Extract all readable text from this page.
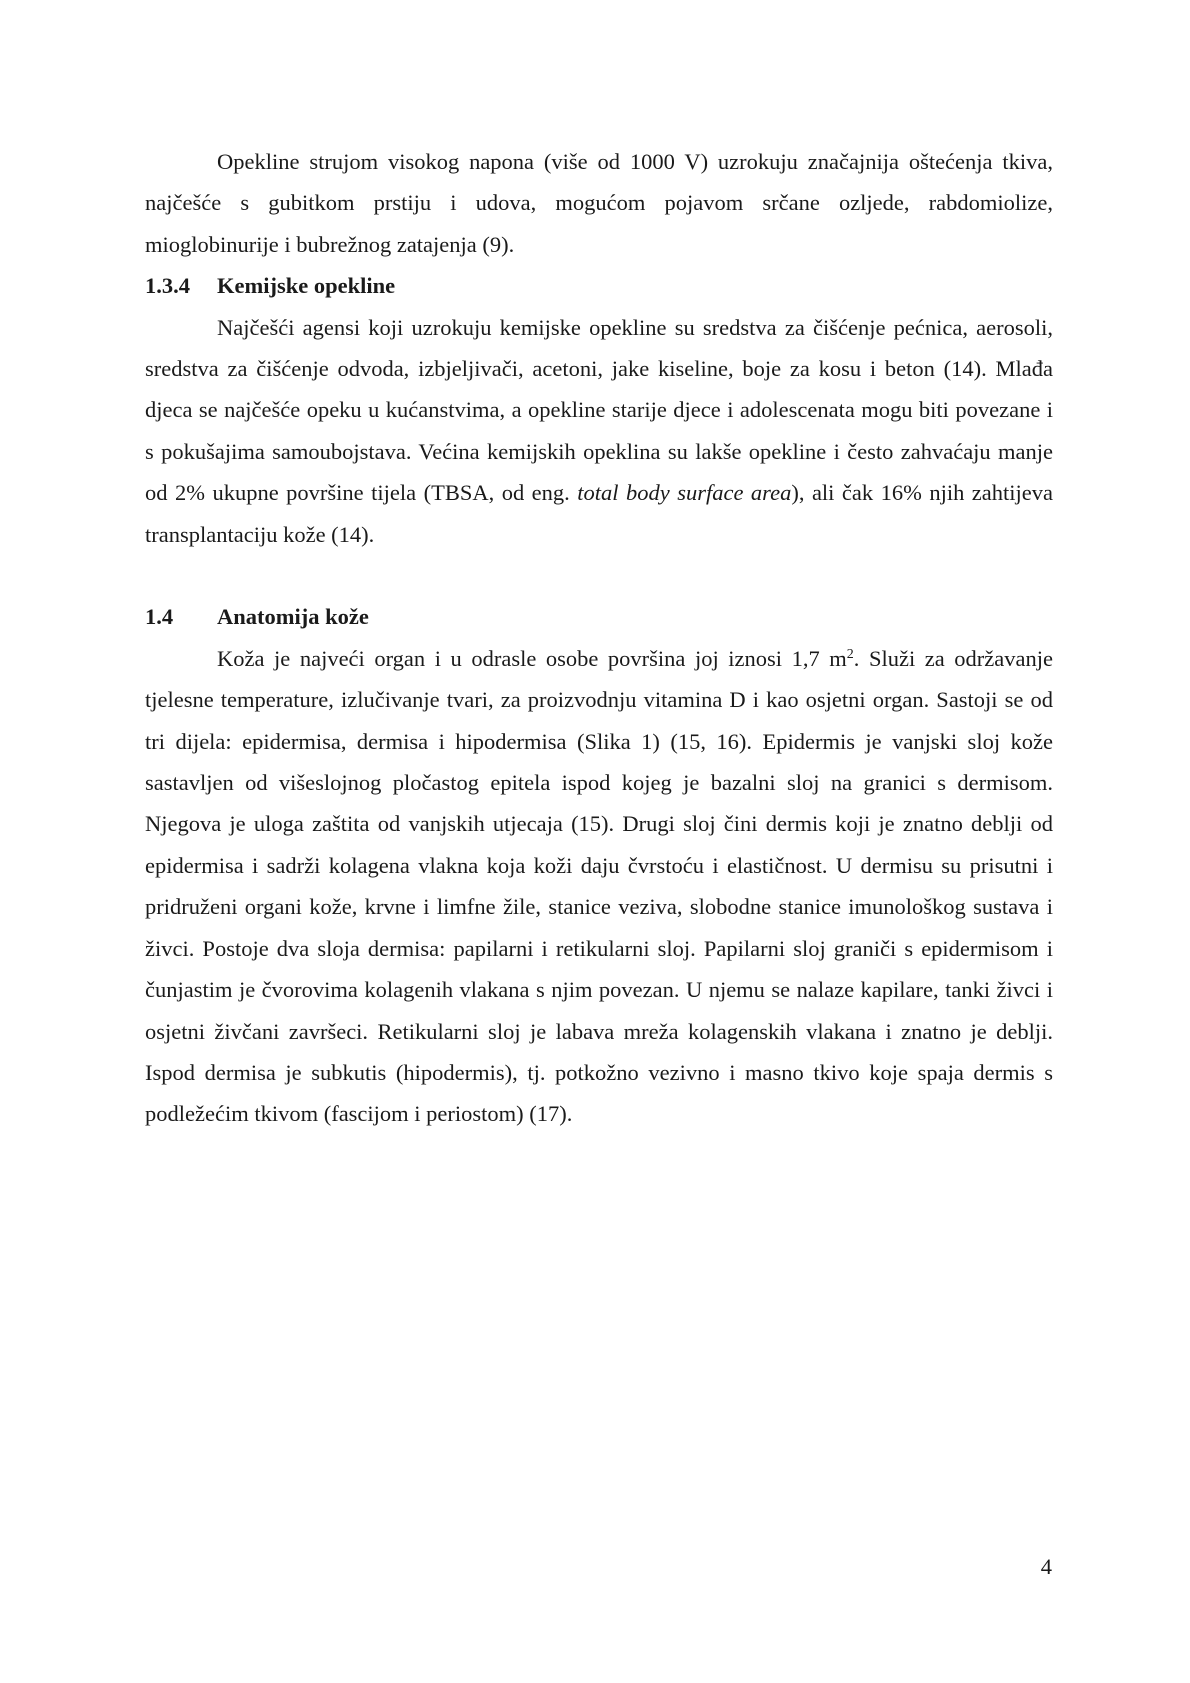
Opekline strujom visokog napona (više od 1000 V) uzrokuju značajnija oštećenja tkiva, najčešće s gubitkom prstiju i udova, mogućom pojavom srčane ozljede, rabdomiolize, mioglobinurije i bubrežnog zatajenja (9).

1.3.4	Kemijske opekline

Najčešći agensi koji uzrokuju kemijske opekline su sredstva za čišćenje pećnica, aerosoli, sredstva za čišćenje odvoda, izbjeljivači, acetoni, jake kiseline, boje za kosu i beton (14). Mlađa djeca se najčešće opeku u kućanstvima, a opekline starije djece i adolescenata mogu biti povezane i s pokušajima samoubojstava. Većina kemijskih opeklina su lakše opekline i često zahvaćaju manje od 2% ukupne površine tijela (TBSA, od eng. total body surface area), ali čak 16% njih zahtijeva transplantaciju kože (14).

1.4	Anatomija kože

Koža je najveći organ i u odrasle osobe površina joj iznosi 1,7 $m^2$. Služi za održavanje tjelesne temperature, izlučivanje tvari, za proizvodnju vitamina D i kao osjetni organ. Sastoji se od tri dijela: epidermisa, dermisa i hipodermisa (Slika 1) (15, 16). Epidermis je vanjski sloj kože sastavljen od višeslojnog pločastog epitela ispod kojeg je bazalni sloj na granici s dermisom. Njegova je uloga zaštita od vanjskih utjecaja (15). Drugi sloj čini dermis koji je znatno deblji od epidermisa i sadrži kolagena vlakna koja koži daju čvrstoću i elastičnost. U dermisu su prisutni i pridruženi organi kože, krvne i limfne žile, stanice veziva, slobodne stanice imunološkog sustava i živci. Postoje dva sloja dermisa: papilarni i retikularni sloj. Papilarni sloj graniči s epidermisom i čunjastim je čvorovima kolagenih vlakana s njim povezan. U njemu se nalaze kapilare, tanki živci i osjetni živčani završeci. Retikularni sloj je labava mreža kolagenskih vlakana i znatno je deblji. Ispod dermisa je subkutis (hipodermis), tj. potkožno vezivno i masno tkivo koje spaja dermis s podležećim tkivom (fascijom i periostom) (17).

4
